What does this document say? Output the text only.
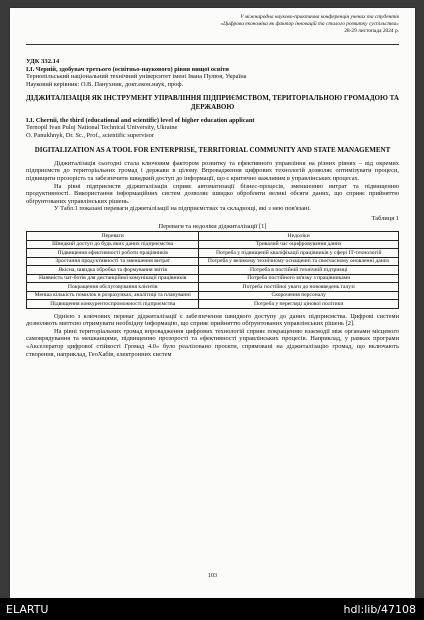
V міжнародна науково-практична конференція учених та студентів
«Цифрова економіка як фактор інновацій та сталого розвитку суспільства»
28-29 листопада 2024 р.
УДК 332.14
І.І. Черній, здобувач третього (освітньо-наукового) рівня вищої освіти
Тернопільський національний технічний університет імені Івана Пулюя, Україна
Науковий керівник: О.В. Панухник, докт.екон.наук, проф.
ДІДЖИТАЛІЗАЦІЯ ЯК ІНСТРУМЕНТ УПРАВЛІННЯ ПІДПРИЄМСТВОМ, ТЕРИТОРІАЛЬНОЮ ГРОМАДОЮ ТА ДЕРЖАВОЮ
I.I. Chernii, the third (educational and scientific) level of higher education applicant
Ternopil Ivan Puluj National Technical University, Ukraine
O. Panukhnyk, Dr. Sc., Prof., scientific supervisor
DIGITALIZATION AS A TOOL FOR ENTERPRISE, TERRITORIAL COMMUNITY AND STATE MANAGEMENT
Діджиталізація сьогодні стала ключовим фактором розвитку та ефективного управління на різних рівнях – від окремих підприємств до територіальних громад і держави в цілому. Впровадження цифрових технологій дозволяє оптимізувати процеси, підвищити прозорість та забезпечити швидкий доступ до інформації, що є критично важливим в управлінських процесах.
На рівні підприємств діджиталізація сприяє автоматизації бізнес-процесів, зменшенню витрат та підвищенню продуктивності. Використання інформаційних систем дозволяє швидко обробляти великі обсяги даних, що сприяє прийняттю обґрунтованих управлінських рішень.
У Табл.1 показані переваги діджиталізації на підприємствах та складнощі, які з нею пов'язані.
Таблиця 1
Переваги та недоліки діджиталізації [1]
Переваги	Недоліки
Швидкий доступ до будь яких даних підприємства	Тривалий час оцифровування даних
Підвищення ефективності роботи працівників	Потреба у підвищеній кваліфікації працівників у сфері ІТ-технологій
Зростання продуктивності та зменшення витрат	Потреба у великому технічному оснащенні та своєчасному оновленні даних
Якісна, швидка обробка та формування звітів	Потреба в постійній технічній підтримці
Наявність чат-ботів для дистанційної комунікації працівників	Потреба постійного зв'язку з працівниками
Покращення обслуговування клієнтів	Потреба постійної уваги до нововведень галузі
Менша кількість помилок в розрахунках, аналітиці та плануванні	Скорочення персоналу
Підвищення конкурентоспроможності підприємства	Потреба у перегляді цінової політики
Однією з ключових переваг діджиталізації є забезпечення швидкого доступу до даних підприємства. Цифрові системи дозволяють миттєво отримувати необхідну інформацію, що сприяє прийняттю обґрунтованих управлінських рішень [2].
На рівні територіальних громад впровадження цифрових технологій сприяє покращенню взаємодії між органами місцевого самоврядування та мешканцями, підвищенню прозорості та ефективності управлінських процесів. Наприклад, у рамках програми «Акселератор цифрової стійкості Громад 4.0» було реалізовано проєкти, спрямовані на діджиталізацію громад, що включають створення, наприклад, ГеоХабів, електронних систем
103
ELARTU	hdl:lib/47108
